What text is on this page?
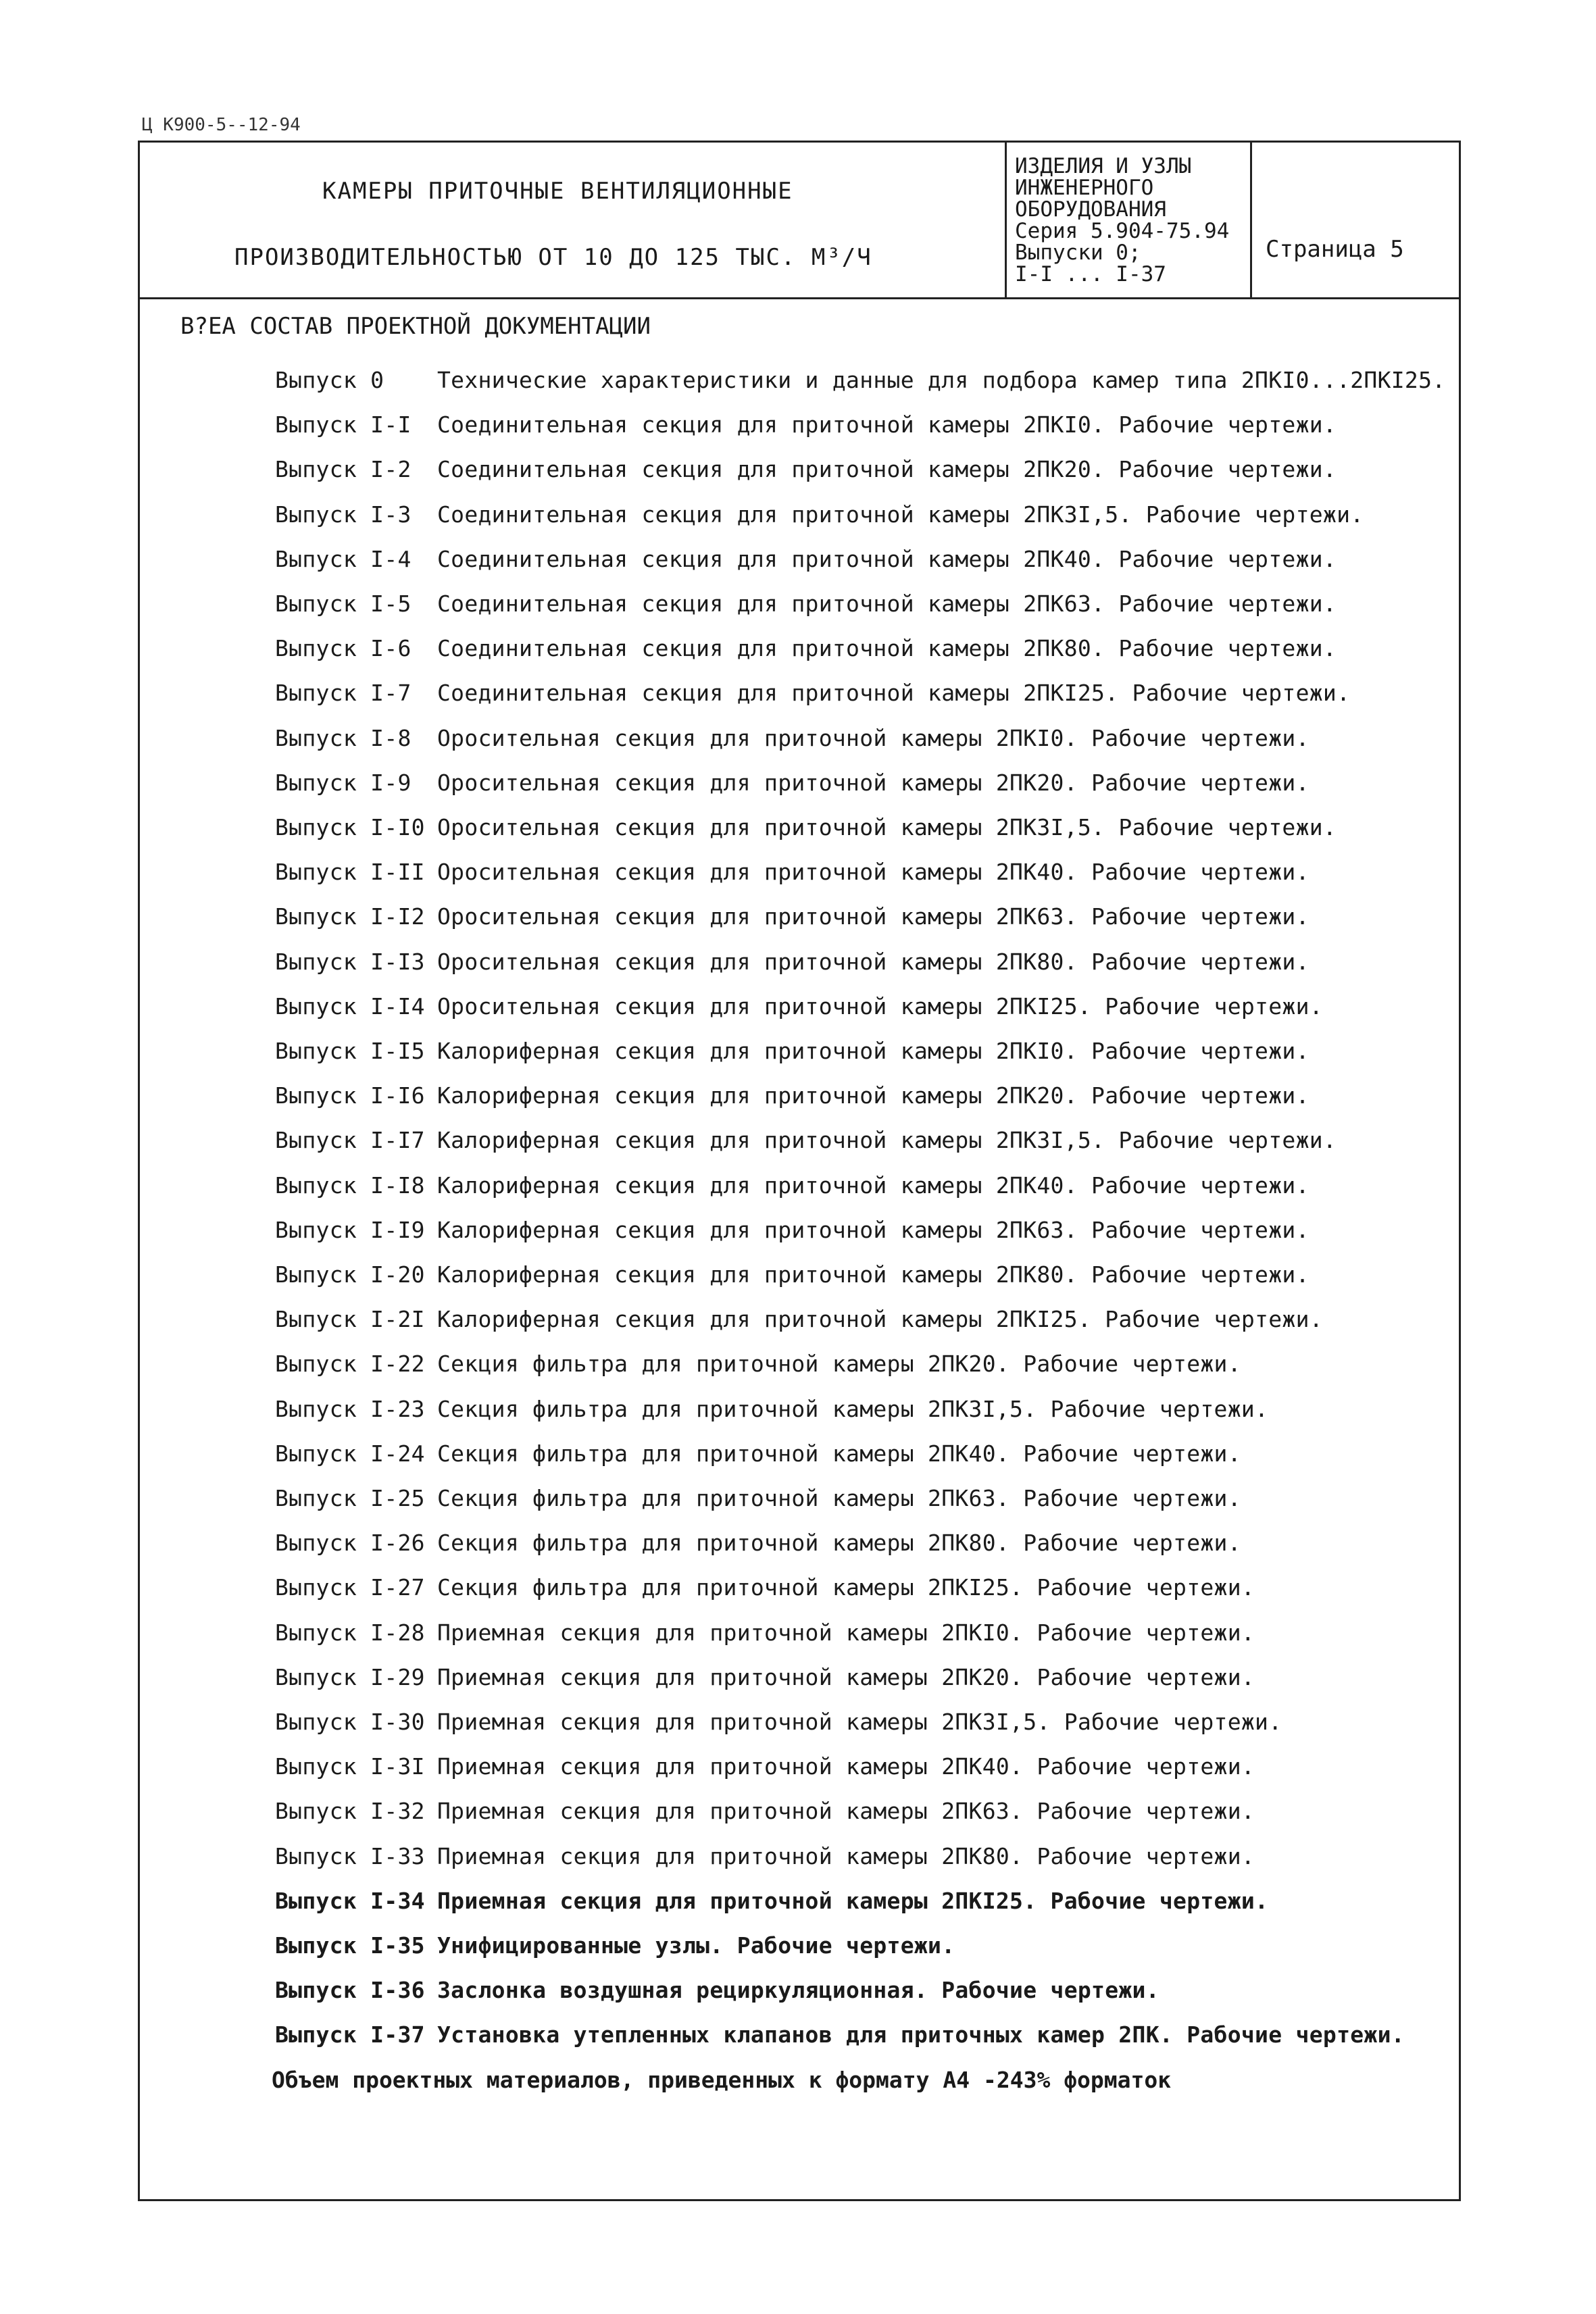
Ц К900-5--12-94
КАМЕРЫ ПРИТОЧНЫЕ ВЕНТИЛЯЦИОННЫЕ
ПРОИЗВОДИТЕЛЬНОСТЬЮ ОТ 10 ДО 125 ТЫС. М³/Ч
ИЗДЕЛИЯ И УЗЛЫ
ИНЖЕНЕРНОГО
ОБОРУДОВАНИЯ
Серия 5.904-75.94
Выпуски 0;
I-I ... I-37
Страница 5
В?ЕА СОСТАВ ПРОЕКТНОЙ ДОКУМЕНТАЦИИ
Выпуск 0 Технические характеристики и данные для подбора камер типа 2ПКI0...2ПКI25.
Выпуск I-I Соединительная секция для приточной камеры 2ПКI0. Рабочие чертежи.
Выпуск I-2 Соединительная секция для приточной камеры 2ПК20. Рабочие чертежи.
Выпуск I-3 Соединительная секция для приточной камеры 2ПК3I,5. Рабочие чертежи.
Выпуск I-4 Соединительная секция для приточной камеры 2ПК40. Рабочие чертежи.
Выпуск I-5 Соединительная секция для приточной камеры 2ПК63. Рабочие чертежи.
Выпуск I-6 Соединительная секция для приточной камеры 2ПК80. Рабочие чертежи.
Выпуск I-7 Соединительная секция для приточной камеры 2ПКI25. Рабочие чертежи.
Выпуск I-8 Оросительная секция для приточной камеры 2ПКI0. Рабочие чертежи.
Выпуск I-9 Оросительная секция для приточной камеры 2ПК20. Рабочие чертежи.
Выпуск I-I0 Оросительная секция для приточной камеры 2ПК3I,5. Рабочие чертежи.
Выпуск I-II Оросительная секция для приточной камеры 2ПК40. Рабочие чертежи.
Выпуск I-I2 Оросительная секция для приточной камеры 2ПК63. Рабочие чертежи.
Выпуск I-I3 Оросительная секция для приточной камеры 2ПК80. Рабочие чертежи.
Выпуск I-I4 Оросительная секция для приточной камеры 2ПКI25. Рабочие чертежи.
Выпуск I-I5 Калориферная секция для приточной камеры 2ПКI0. Рабочие чертежи.
Выпуск I-I6 Калориферная секция для приточной камеры 2ПК20. Рабочие чертежи.
Выпуск I-I7 Калориферная секция для приточной камеры 2ПК3I,5. Рабочие чертежи.
Выпуск I-I8 Калориферная секция для приточной камеры 2ПК40. Рабочие чертежи.
Выпуск I-I9 Калориферная секция для приточной камеры 2ПК63. Рабочие чертежи.
Выпуск I-20 Калориферная секция для приточной камеры 2ПК80. Рабочие чертежи.
Выпуск I-2I Калориферная секция для приточной камеры 2ПКI25. Рабочие чертежи.
Выпуск I-22 Секция фильтра для приточной камеры 2ПК20. Рабочие чертежи.
Выпуск I-23 Секция фильтра для приточной камеры 2ПК3I,5. Рабочие чертежи.
Выпуск I-24 Секция фильтра для приточной камеры 2ПК40. Рабочие чертежи.
Выпуск I-25 Секция фильтра для приточной камеры 2ПК63. Рабочие чертежи.
Выпуск I-26 Секция фильтра для приточной камеры 2ПК80. Рабочие чертежи.
Выпуск I-27 Секция фильтра для приточной камеры 2ПКI25. Рабочие чертежи.
Выпуск I-28 Приемная секция для приточной камеры 2ПКI0. Рабочие чертежи.
Выпуск I-29 Приемная секция для приточной камеры 2ПК20. Рабочие чертежи.
Выпуск I-30 Приемная секция для приточной камеры 2ПК3I,5. Рабочие чертежи.
Выпуск I-3I Приемная секция для приточной камеры 2ПК40. Рабочие чертежи.
Выпуск I-32 Приемная секция для приточной камеры 2ПК63. Рабочие чертежи.
Выпуск I-33 Приемная секция для приточной камеры 2ПК80. Рабочие чертежи.
Выпуск I-34 Приемная секция для приточной камеры 2ПКI25. Рабочие чертежи.
Выпуск I-35 Унифицированные узлы. Рабочие чертежи.
Выпуск I-36 Заслонка воздушная рециркуляционная. Рабочие чертежи.
Выпуск I-37 Установка утепленных клапанов для приточных камер 2ПК. Рабочие чертежи.
Объем проектных материалов, приведенных к формату А4 -243% форматок
